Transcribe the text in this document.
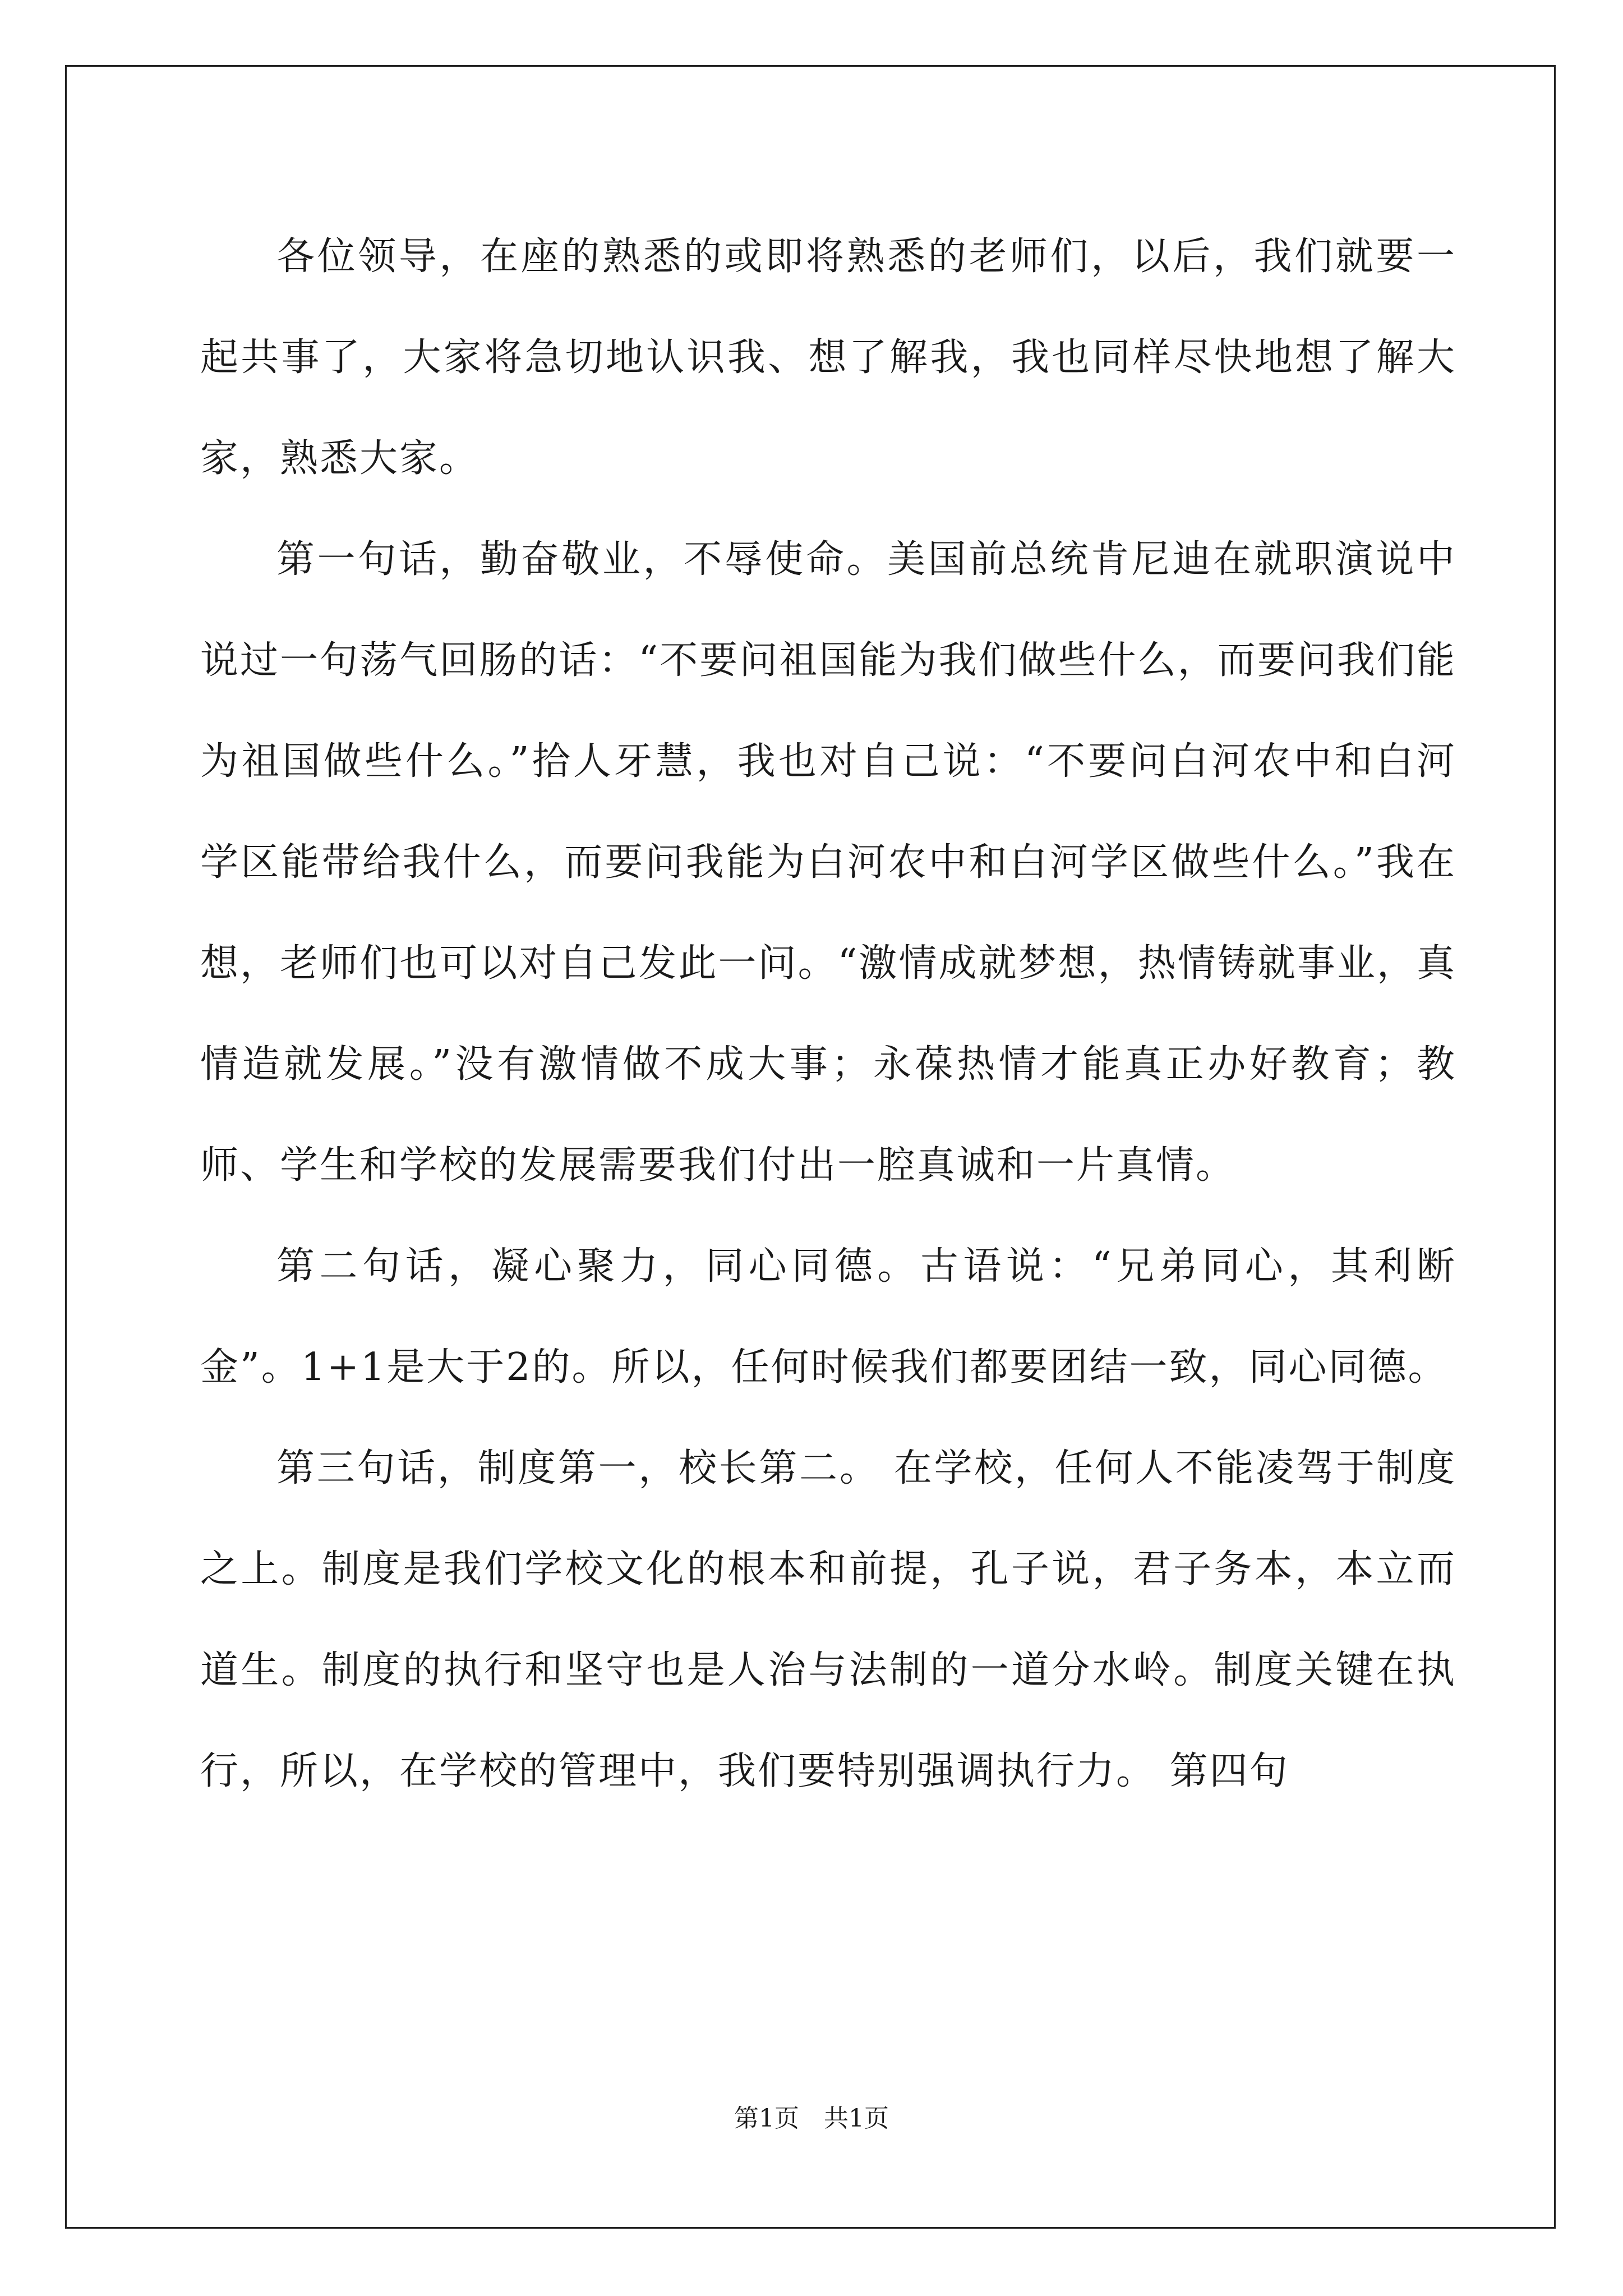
各位领导，在座的熟悉的或即将熟悉的老师们，以后，我们就要一起共事了，大家将急切地认识我、想了解我，我也同样尽快地想了解大家，熟悉大家。

第一句话，勤奋敬业，不辱使命。美国前总统肯尼迪在就职演说中说过一句荡气回肠的话：“不要问祖国能为我们做些什么，而要问我们能为祖国做些什么。”拾人牙慧，我也对自己说：“不要问白河农中和白河学区能带给我什么，而要问我能为白河农中和白河学区做些什么。”我在想，老师们也可以对自己发此一问。“激情成就梦想，热情铸就事业，真情造就发展。”没有激情做不成大事；永葆热情才能真正办好教育；教师、学生和学校的发展需要我们付出一腔真诚和一片真情。

第二句话，凝心聚力，同心同德。古语说：“兄弟同心，其利断金”。1+1是大于2的。所以，任何时候我们都要团结一致，同心同德。

第三句话，制度第一，校长第二。 在学校，任何人不能凌驾于制度之上。制度是我们学校文化的根本和前提，孔子说，君子务本，本立而道生。制度的执行和坚守也是人治与法制的一道分水岭。制度关键在执行，所以，在学校的管理中，我们要特别强调执行力。 第四句

第1页　共1页
